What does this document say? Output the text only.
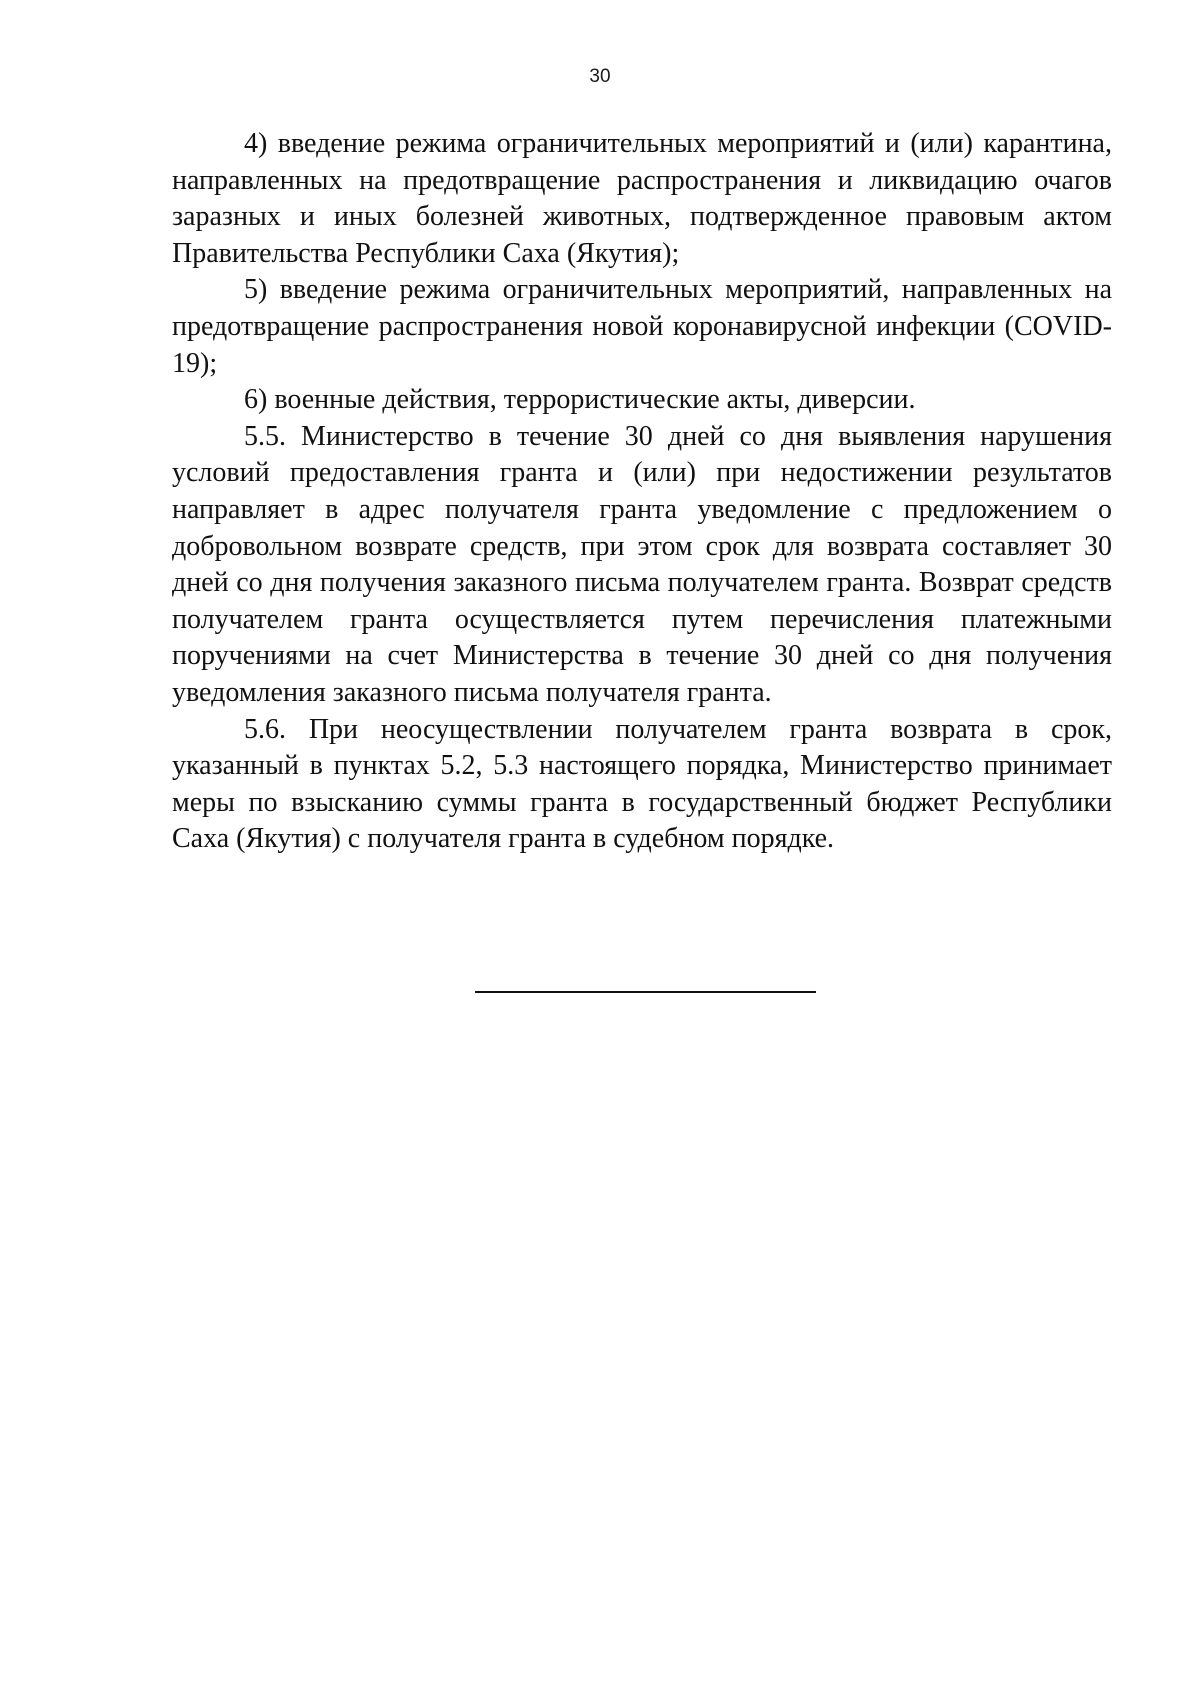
30

4) введение режима ограничительных мероприятий и (или) карантина, направленных на предотвращение распространения и ликвидацию очагов заразных и иных болезней животных, подтвержденное правовым актом Правительства Республики Саха (Якутия);

5) введение режима ограничительных мероприятий, направленных на предотвращение распространения новой коронавирусной инфекции (COVID-19);

6) военные действия, террористические акты, диверсии.

5.5. Министерство в течение 30 дней со дня выявления нарушения условий предоставления гранта и (или) при недостижении результатов направляет в адрес получателя гранта уведомление с предложением о добровольном возврате средств, при этом срок для возврата составляет 30 дней со дня получения заказного письма получателем гранта. Возврат средств получателем гранта осуществляется путем перечисления платежными поручениями на счет Министерства в течение 30 дней со дня получения уведомления заказного письма получателя гранта.

5.6. При неосуществлении получателем гранта возврата в срок, указанный в пунктах 5.2, 5.3 настоящего порядка, Министерство принимает меры по взысканию суммы гранта в государственный бюджет Республики Саха (Якутия) с получателя гранта в судебном порядке.
